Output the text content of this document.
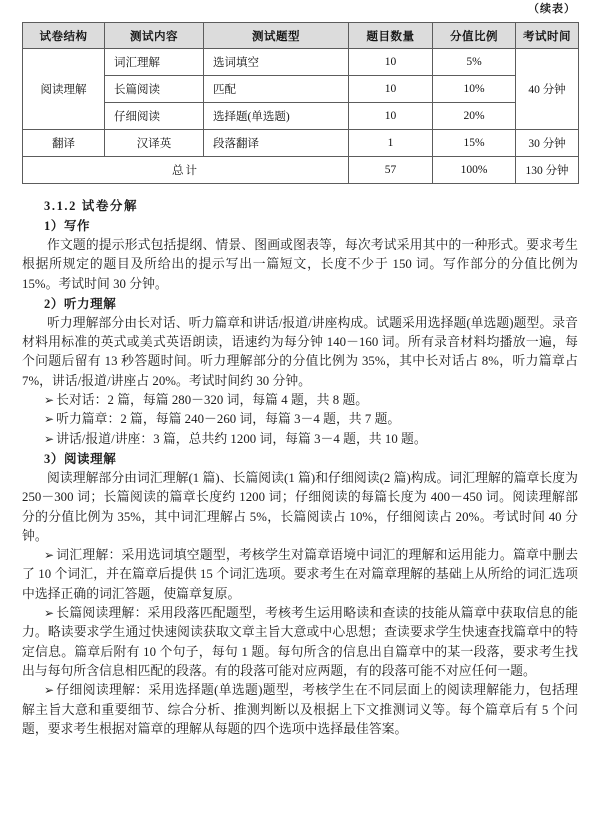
（续表）
试卷结构	测试内容	测试题型	题目数量	分值比例	考试时间
阅读理解	词汇理解	选词填空	10	5%	40 分钟
	长篇阅读	匹配	10	10%	
	仔细阅读	选择题(单选题)	10	20%	
翻译	汉译英	段落翻译	1	15%	30 分钟
总计			57	100%	130 分钟
3.1.2 试卷分解
1）写作

作文题的提示形式包括提纲、情景、图画或图表等，每次考试采用其中的一种形式。要求考生根据所规定的题目及所给出的提示写出一篇短文，长度不少于 150 词。写作部分的分值比例为 15%。考试时间 30 分钟。

2）听力理解

听力理解部分由长对话、听力篇章和讲话/报道/讲座构成。试题采用选择题(单选题)题型。录音材料用标准的英式或美式英语朗读，语速约为每分钟 140－160 词。所有录音材料均播放一遍，每个问题后留有 13 秒答题时间。听力理解部分的分值比例为 35%，其中长对话占 8%，听力篇章占 7%，讲话/报道/讲座占 20%。考试时间约 30 分钟。

➢ 长对话：2 篇，每篇 280－320 词，每篇 4 题，共 8 题。

➢ 听力篇章：2 篇，每篇 240－260 词，每篇 3－4 题，共 7 题。

➢ 讲话/报道/讲座：3 篇，总共约 1200 词，每篇 3－4 题，共 10 题。

3）阅读理解

阅读理解部分由词汇理解(1 篇)、长篇阅读(1 篇)和仔细阅读(2 篇)构成。词汇理解的篇章长度为 250－300 词；长篇阅读的篇章长度约 1200 词；仔细阅读的每篇长度为 400－450 词。阅读理解部分的分值比例为 35%，其中词汇理解占 5%，长篇阅读占 10%，仔细阅读占 20%。考试时间 40 分钟。

➢ 词汇理解：采用选词填空题型，考核学生对篇章语境中词汇的理解和运用能力。篇章中删去了 10 个词汇，并在篇章后提供 15 个词汇选项。要求考生在对篇章理解的基础上从所给的词汇选项中选择正确的词汇答题，使篇章复原。

➢ 长篇阅读理解：采用段落匹配题型，考核考生运用略读和查读的技能从篇章中获取信息的能力。略读要求学生通过快速阅读获取文章主旨大意或中心思想；查读要求学生快速查找篇章中的特定信息。篇章后附有 10 个句子，每句 1 题。每句所含的信息出自篇章中的某一段落，要求考生找出与每句所含信息相匹配的段落。有的段落可能对应两题，有的段落可能不对应任何一题。

➢ 仔细阅读理解：采用选择题(单选题)题型，考核学生在不同层面上的阅读理解能力，包括理解主旨大意和重要细节、综合分析、推测判断以及根据上下文推测词义等。每个篇章后有 5 个问题，要求考生根据对篇章的理解从每题的四个选项中选择最佳答案。
